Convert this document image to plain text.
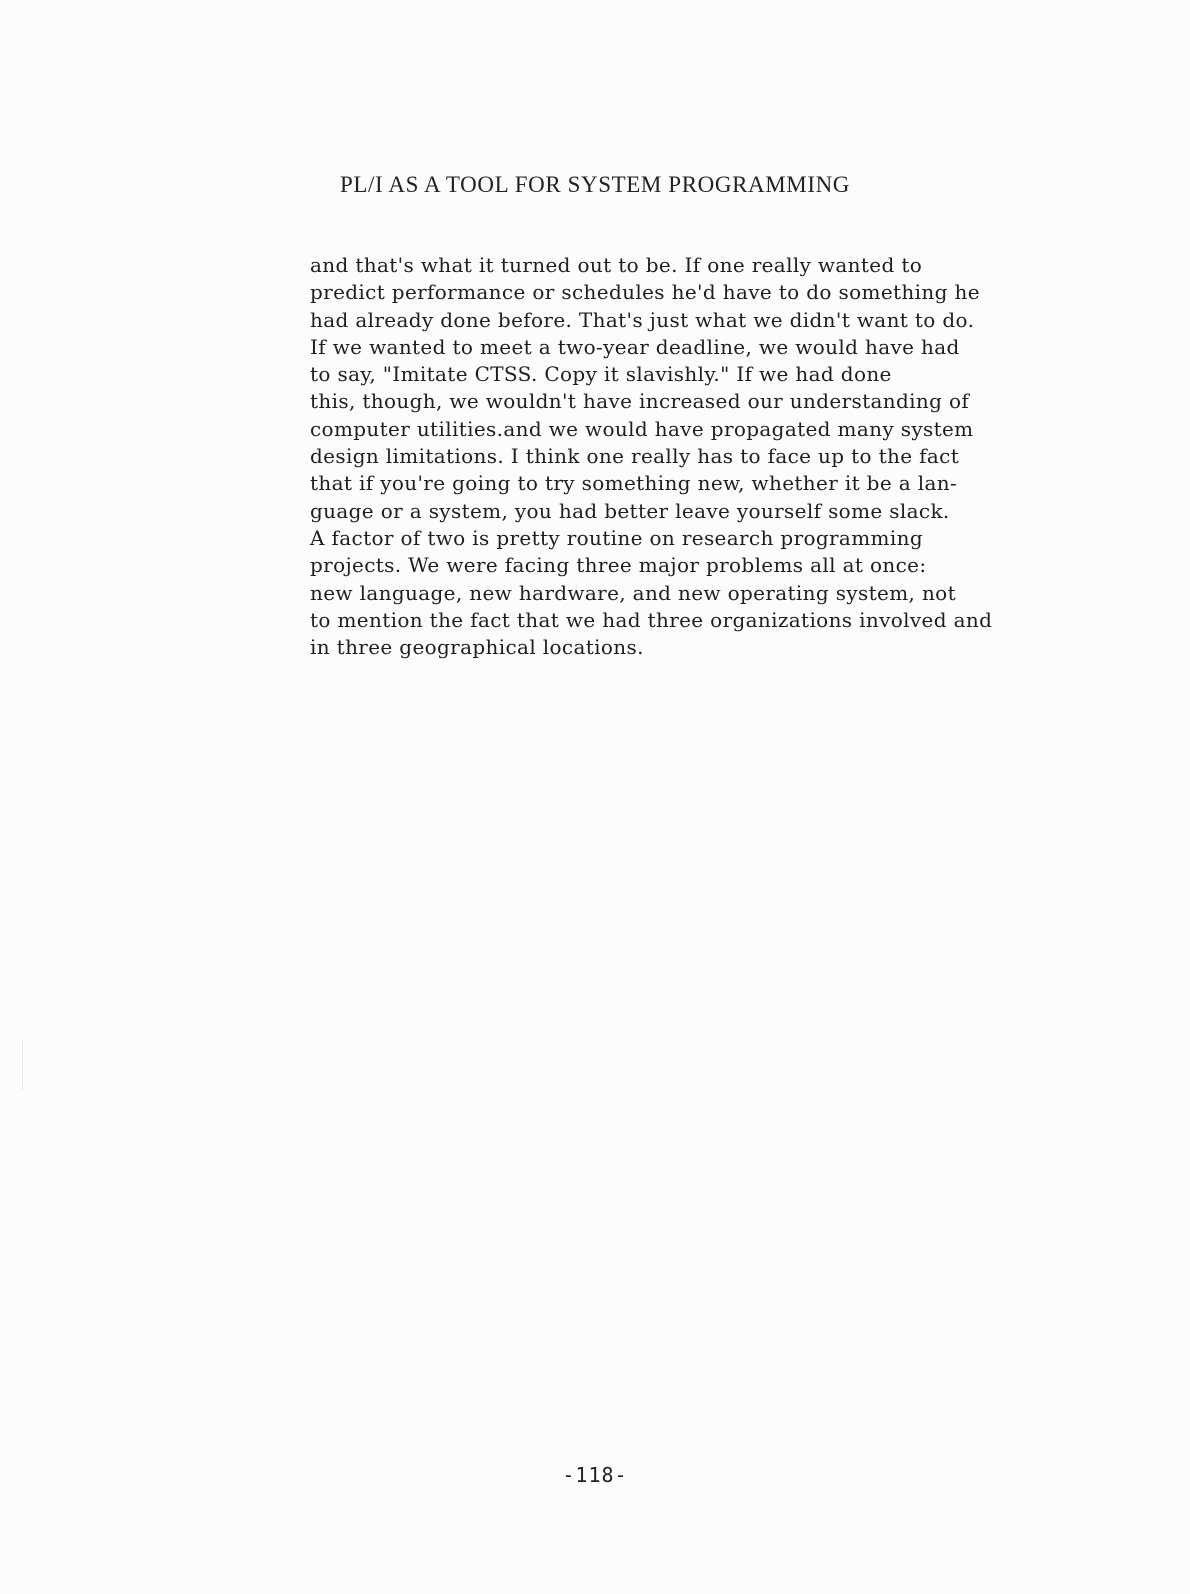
PL/I AS A TOOL FOR SYSTEM PROGRAMMING
and that's what it turned out to be. If one really wanted to
predict performance or schedules he'd have to do something he
had already done before. That's just what we didn't want to do.
If we wanted to meet a two-year deadline, we would have had
to say, "Imitate CTSS. Copy it slavishly." If we had done
this, though, we wouldn't have increased our understanding of
computer utilities.and we would have propagated many system
design limitations. I think one really has to face up to the fact
that if you're going to try something new, whether it be a lan-
guage or a system, you had better leave yourself some slack.
A factor of two is pretty routine on research programming
projects. We were facing three major problems all at once:
new language, new hardware, and new operating system, not
to mention the fact that we had three organizations involved and
in three geographical locations.
-118-
